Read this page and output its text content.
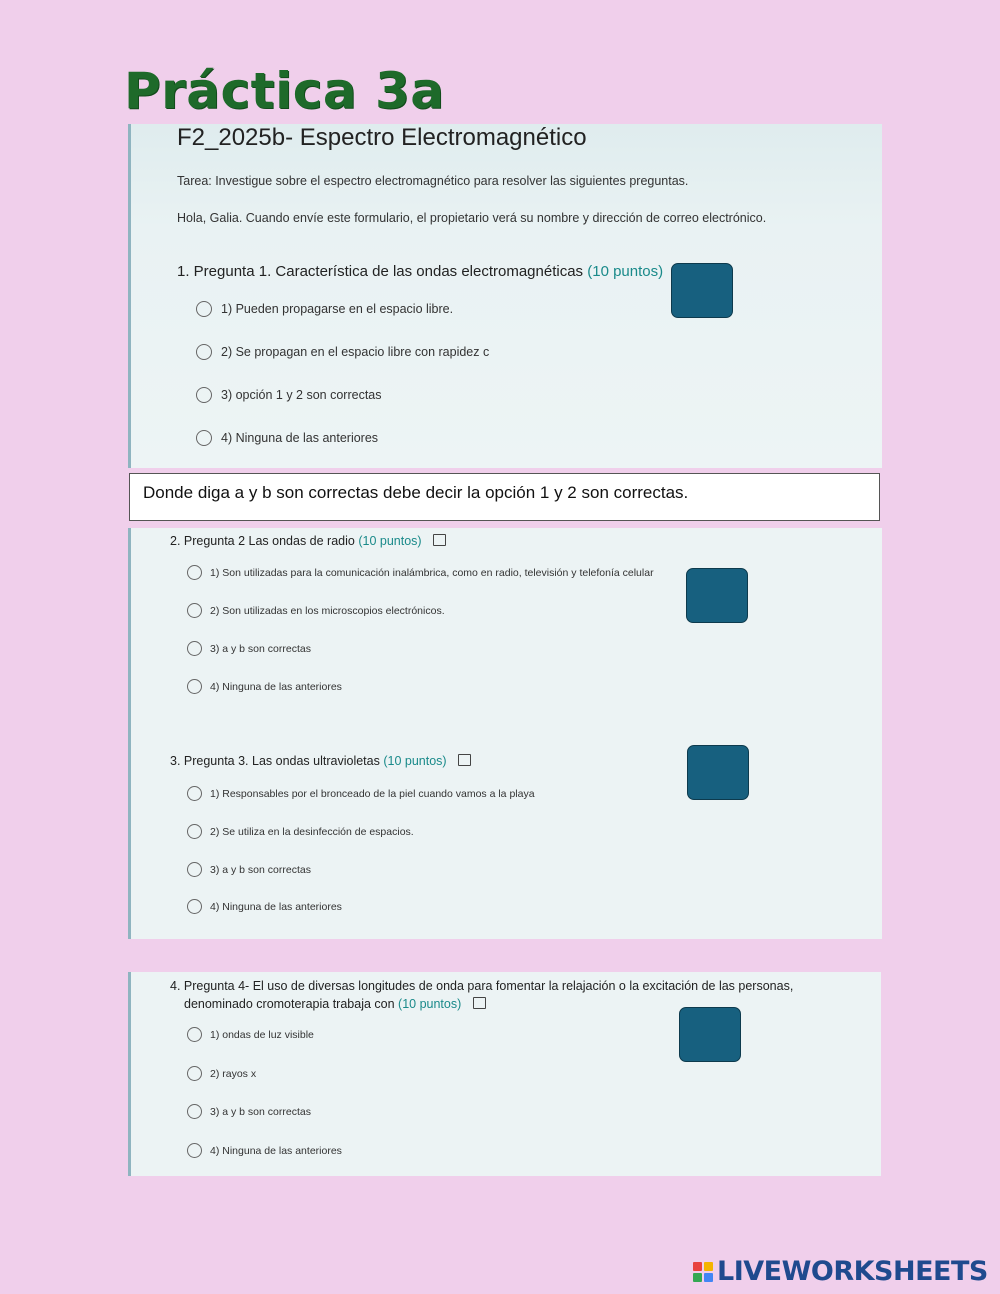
Práctica 3a
F2_2025b- Espectro Electromagnético
Tarea: Investigue sobre el espectro electromagnético para resolver las siguientes preguntas.
Hola, Galia. Cuando envíe este formulario, el propietario verá su nombre y dirección de correo electrónico.
1. Pregunta 1. Característica de las ondas electromagnéticas (10 puntos)
1) Pueden propagarse en el espacio libre.
2) Se propagan en el espacio libre con rapidez c
3) opción 1 y 2 son correctas
4) Ninguna de las anteriores
Donde diga a y b son correctas debe decir la opción 1 y 2 son correctas.
2. Pregunta 2 Las ondas de radio (10 puntos)
1) Son utilizadas para la comunicación inalámbrica, como en radio, televisión y telefonía celular
2) Son utilizadas en los microscopios electrónicos.
3) a y b son correctas
4) Ninguna de las anteriores
3. Pregunta 3. Las ondas ultravioletas (10 puntos)
1) Responsables por el bronceado de la piel cuando vamos a la playa
2) Se utiliza en la desinfección de espacios.
3) a y b son correctas
4) Ninguna de las anteriores
4. Pregunta 4- El uso de diversas longitudes de onda para fomentar la relajación o la excitación de las personas,
denominado cromoterapia trabaja con (10 puntos)
1) ondas de luz visible
2) rayos x
3) a y b son correctas
4) Ninguna de las anteriores
LIVEWORKSHEETS
